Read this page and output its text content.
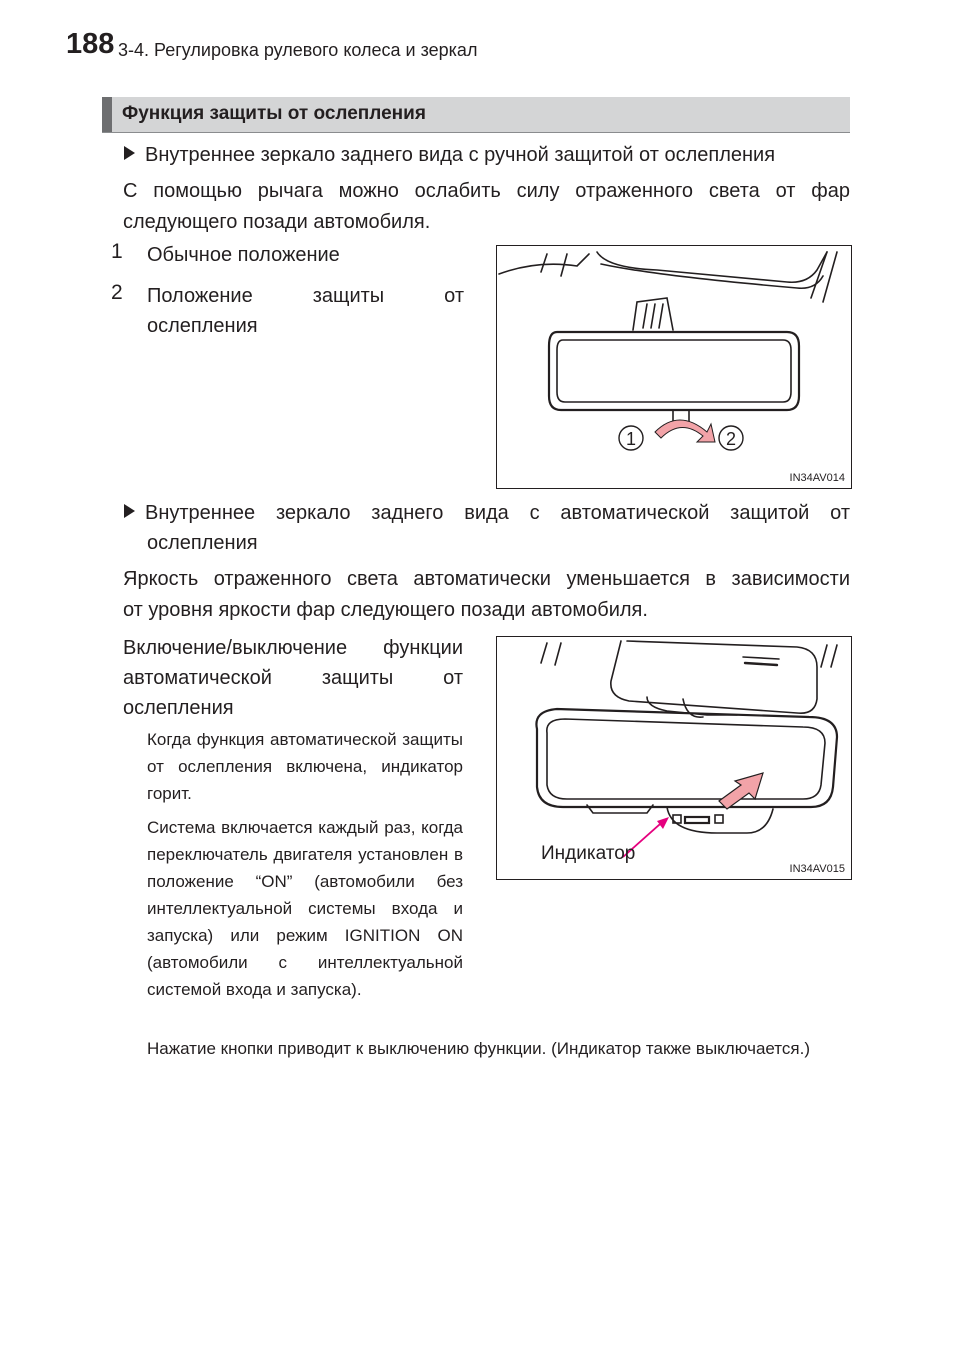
188 3-4. Регулировка рулевого колеса и зеркал
Функция защиты от ослепления
Внутреннее зеркало заднего вида с ручной защитой от ослепления
С помощью рычага можно ослабить силу отраженного света от фар
следующего позади автомобиля.
1 Обычное положение
2 Положение защиты от
ослепления
1	2
IN34AV014
Внутреннее зеркало заднего вида с автоматической защитой от
ослепления
Яркость отраженного света автоматически уменьшается в зависимости
от уровня яркости фар следующего позади автомобиля.
Включение/выключение функции
автоматической защиты от
ослепления
Когда функция автоматической защиты от ослепления включена, индикатор горит.
Система включается каждый раз, когда переключатель двигателя установлен в положение “ON” (автомобили без интеллектуальной системы входа и запуска) или режим IGNITION ON (автомобили с интеллектуальной системой входа и запуска).
Нажатие кнопки приводит к выключению функции. (Индикатор также выключается.)
Индикатор
IN34AV015
